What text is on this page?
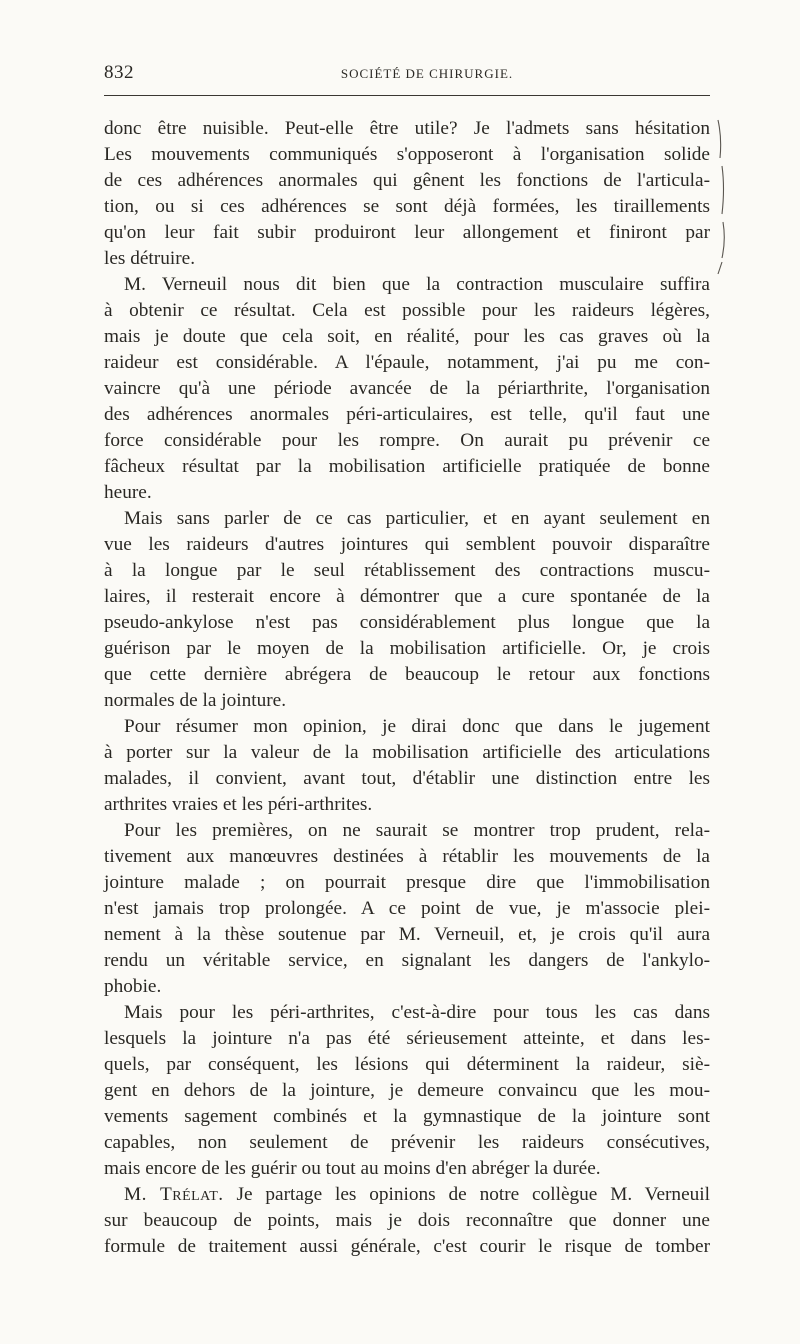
832	SOCIÉTÉ DE CHIRURGIE.
donc être nuisible. Peut-elle être utile? Je l'admets sans hésitation
Les mouvements communiqués s'opposeront à l'organisation solide
de ces adhérences anormales qui gênent les fonctions de l'articula-
tion, ou si ces adhérences se sont déjà formées, les tiraillements
qu'on leur fait subir produiront leur allongement et finiront par
les détruire.
M. Verneuil nous dit bien que la contraction musculaire suffira
à obtenir ce résultat. Cela est possible pour les raideurs légères,
mais je doute que cela soit, en réalité, pour les cas graves où la
raideur est considérable. A l'épaule, notamment, j'ai pu me con-
vaincre qu'à une période avancée de la périarthrite, l'organisation
des adhérences anormales péri-articulaires, est telle, qu'il faut une
force considérable pour les rompre. On aurait pu prévenir ce
fâcheux résultat par la mobilisation artificielle pratiquée de bonne
heure.
Mais sans parler de ce cas particulier, et en ayant seulement en
vue les raideurs d'autres jointures qui semblent pouvoir disparaître
à la longue par le seul rétablissement des contractions muscu-
laires, il resterait encore à démontrer que a cure spontanée de la
pseudo-ankylose n'est pas considérablement plus longue que la
guérison par le moyen de la mobilisation artificielle. Or, je crois
que cette dernière abrégera de beaucoup le retour aux fonctions
normales de la jointure.
Pour résumer mon opinion, je dirai donc que dans le jugement
à porter sur la valeur de la mobilisation artificielle des articulations
malades, il convient, avant tout, d'établir une distinction entre les
arthrites vraies et les péri-arthrites.
Pour les premières, on ne saurait se montrer trop prudent, rela-
tivement aux manœuvres destinées à rétablir les mouvements de la
jointure malade ; on pourrait presque dire que l'immobilisation
n'est jamais trop prolongée. A ce point de vue, je m'associe plei-
nement à la thèse soutenue par M. Verneuil, et, je crois qu'il aura
rendu un véritable service, en signalant les dangers de l'ankylo-
phobie.
Mais pour les péri-arthrites, c'est-à-dire pour tous les cas dans
lesquels la jointure n'a pas été sérieusement atteinte, et dans les-
quels, par conséquent, les lésions qui déterminent la raideur, siè-
gent en dehors de la jointure, je demeure convaincu que les mou-
vements sagement combinés et la gymnastique de la jointure sont
capables, non seulement de prévenir les raideurs consécutives,
mais encore de les guérir ou tout au moins d'en abréger la durée.
M. Trélat. Je partage les opinions de notre collègue M. Verneuil
sur beaucoup de points, mais je dois reconnaître que donner une
formule de traitement aussi générale, c'est courir le risque de tomber
